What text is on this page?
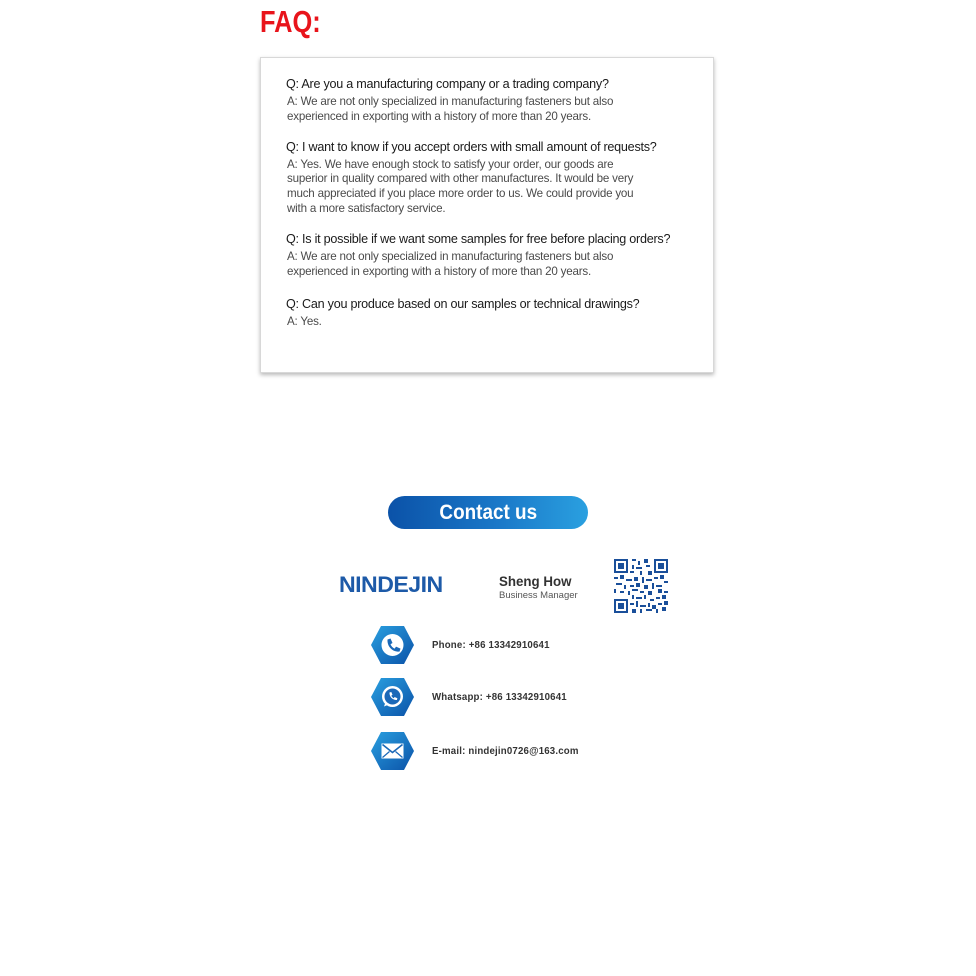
FAQ:
Q: Are you a manufacturing company or a trading company?
A: We are not only specialized in manufacturing fasteners but also experienced in exporting with a history of more than 20 years.
Q: I want to know if you accept orders with small amount of requests?
A: Yes. We have enough stock to satisfy your order, our goods are superior in quality compared with other manufactures. It would be very much appreciated if you place more order to us. We could provide you with a more satisfactory service.
Q: Is it possible if we want some samples for free before placing orders?
A: We are not only specialized in manufacturing fasteners but also experienced in exporting with a history of more than 20 years.
Q: Can you produce based on our samples or technical drawings?
A: Yes.
Contact us
NINDEJIN	Sheng How
Business Manager
Phone: +86 13342910641
Whatsapp: +86 13342910641
E-mail: nindejin0726@163.com
